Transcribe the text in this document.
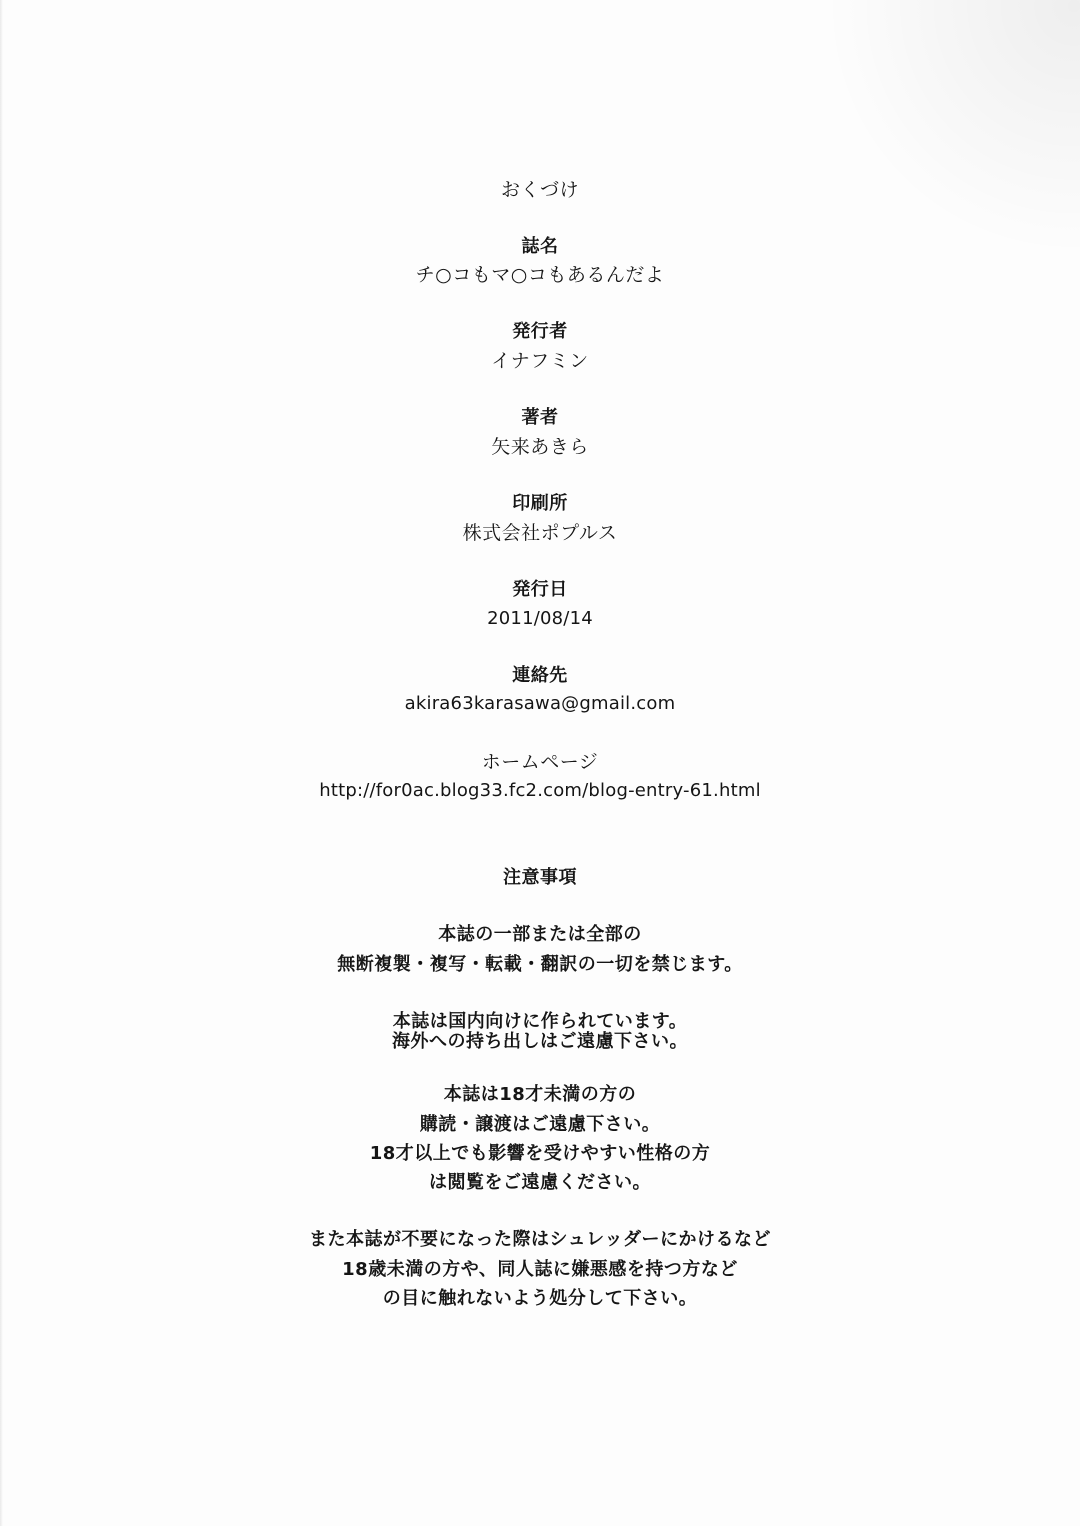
おくづけ
誌名
チ○コもマ○コもあるんだよ
発行者
イナフミン
著者
矢来あきら
印刷所
株式会社ポプルス
発行日
2011/08/14
連絡先
akira63karasawa@gmail.com
ホームページ
http://for0ac.blog33.fc2.com/blog-entry-61.html
注意事項
本誌の一部または全部の
無断複製・複写・転載・翻訳の一切を禁じます。
本誌は国内向けに作られています。
海外への持ち出しはご遠慮下さい。
本誌は18才未満の方の
購読・譲渡はご遠慮下さい。
18才以上でも影響を受けやすい性格の方
は閲覧をご遠慮ください。
また本誌が不要になった際はシュレッダーにかけるなど
18歳未満の方や、同人誌に嫌悪感を持つ方など
の目に触れないよう処分して下さい。
